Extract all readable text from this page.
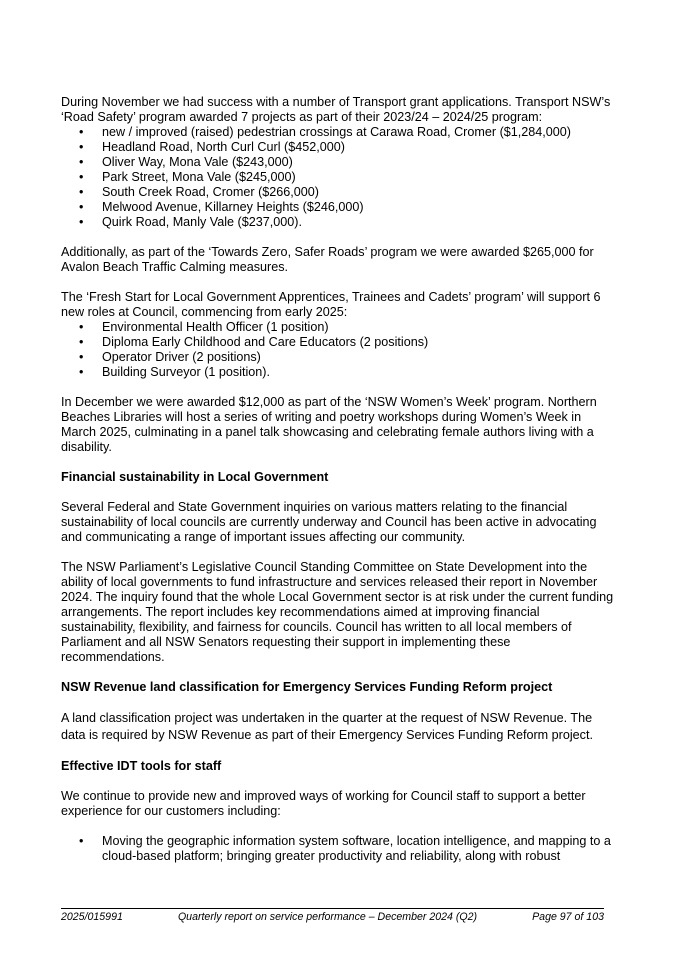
During November we had success with a number of Transport grant applications. Transport NSW’s ‘Road Safety’ program awarded 7 projects as part of their 2023/24 – 2024/25 program:

• new / improved (raised) pedestrian crossings at Carawa Road, Cromer ($1,284,000)
• Headland Road, North Curl Curl ($452,000)
• Oliver Way, Mona Vale ($243,000)
• Park Street, Mona Vale ($245,000)
• South Creek Road, Cromer ($266,000)
• Melwood Avenue, Killarney Heights ($246,000)
• Quirk Road, Manly Vale ($237,000).

Additionally, as part of the ‘Towards Zero, Safer Roads’ program we were awarded $265,000 for Avalon Beach Traffic Calming measures.

The ‘Fresh Start for Local Government Apprentices, Trainees and Cadets’ program’ will support 6 new roles at Council, commencing from early 2025:

• Environmental Health Officer (1 position)
• Diploma Early Childhood and Care Educators (2 positions)
• Operator Driver (2 positions)
• Building Surveyor (1 position).

In December we were awarded $12,000 as part of the ‘NSW Women’s Week’ program. Northern Beaches Libraries will host a series of writing and poetry workshops during Women’s Week in March 2025, culminating in a panel talk showcasing and celebrating female authors living with a disability.

Financial sustainability in Local Government

Several Federal and State Government inquiries on various matters relating to the financial sustainability of local councils are currently underway and Council has been active in advocating and communicating a range of important issues affecting our community.

The NSW Parliament’s Legislative Council Standing Committee on State Development into the ability of local governments to fund infrastructure and services released their report in November 2024. The inquiry found that the whole Local Government sector is at risk under the current funding arrangements. The report includes key recommendations aimed at improving financial sustainability, flexibility, and fairness for councils. Council has written to all local members of Parliament and all NSW Senators requesting their support in implementing these recommendations.

NSW Revenue land classification for Emergency Services Funding Reform project

A land classification project was undertaken in the quarter at the request of NSW Revenue. The data is required by NSW Revenue as part of their Emergency Services Funding Reform project.

Effective IDT tools for staff

We continue to provide new and improved ways of working for Council staff to support a better experience for our customers including:

• Moving the geographic information system software, location intelligence, and mapping to a cloud-based platform; bringing greater productivity and reliability, along with robust
2025/015991	Quarterly report on service performance – December 2024 (Q2)	Page 97 of 103
